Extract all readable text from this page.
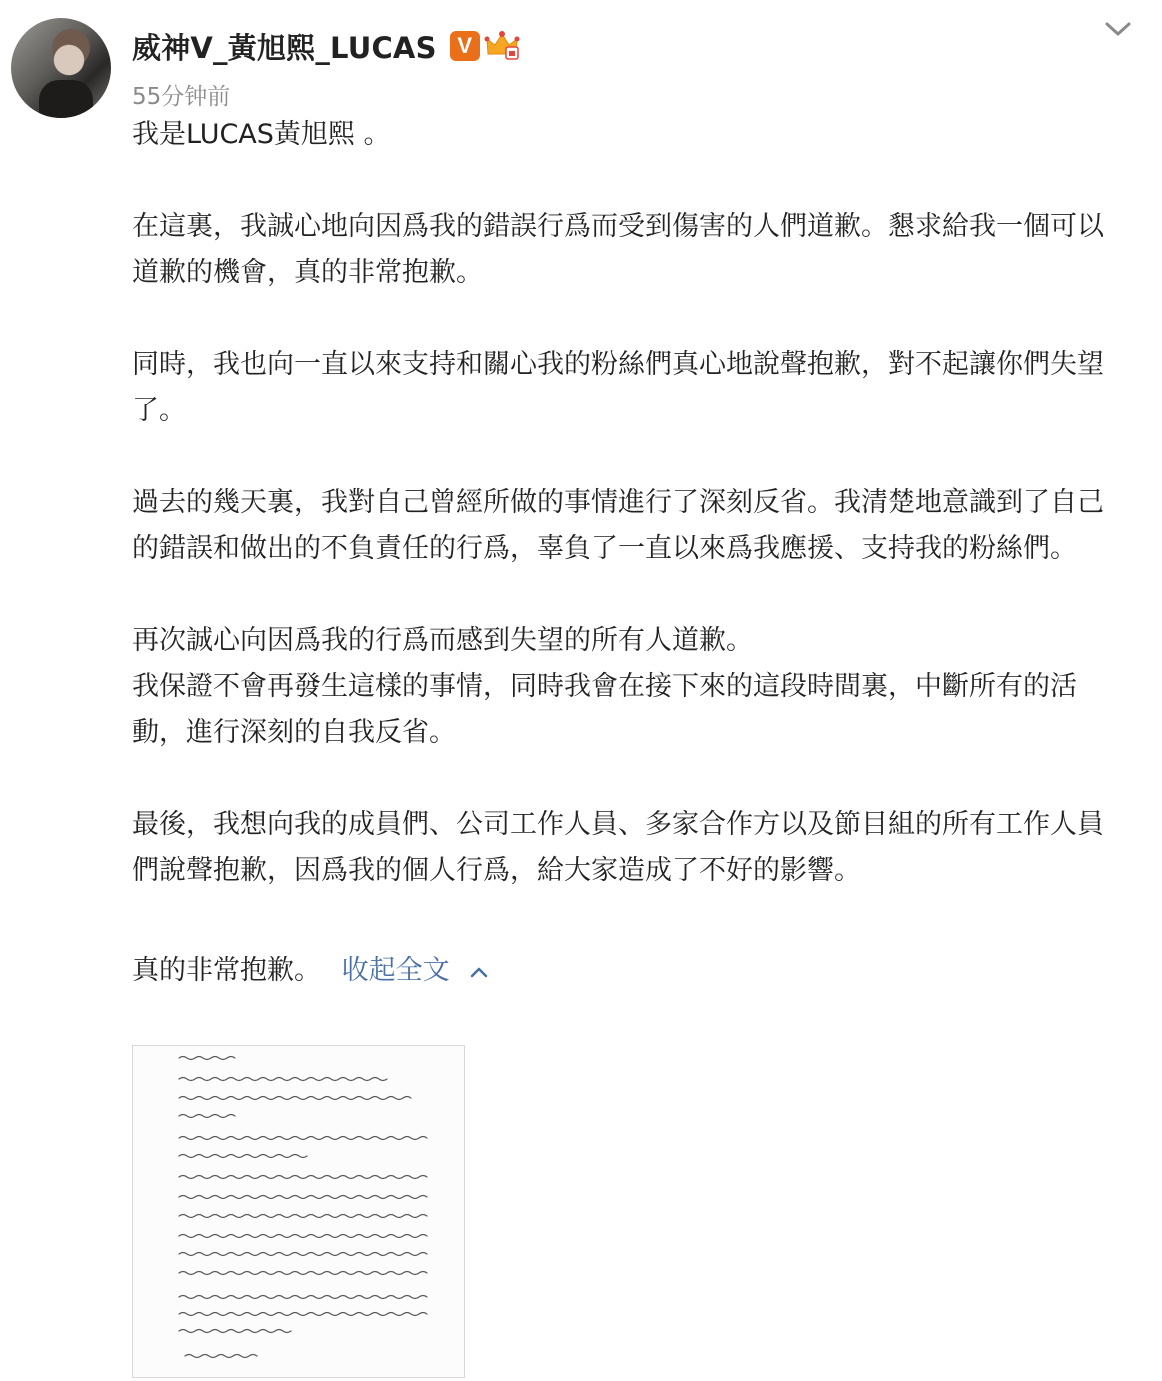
威神V_黃旭熙_LUCAS V
55分钟前

我是LUCAS黃旭熙 。

在這裏，我誠心地向因爲我的錯誤行爲而受到傷害的人們道歉。懇求給我一個可以道歉的機會，真的非常抱歉。

同時，我也向一直以來支持和關心我的粉絲們真心地說聲抱歉，對不起讓你們失望了。

過去的幾天裏，我對自己曾經所做的事情進行了深刻反省。我清楚地意識到了自己的錯誤和做出的不負責任的行爲，辜負了一直以來爲我應援、支持我的粉絲們。

再次誠心向因爲我的行爲而感到失望的所有人道歉。

我保證不會再發生這樣的事情，同時我會在接下來的這段時間裏，中斷所有的活動，進行深刻的自我反省。

最後，我想向我的成員們、公司工作人員、多家合作方以及節目組的所有工作人員們說聲抱歉，因爲我的個人行爲，給大家造成了不好的影響。

真的非常抱歉。 收起全文
